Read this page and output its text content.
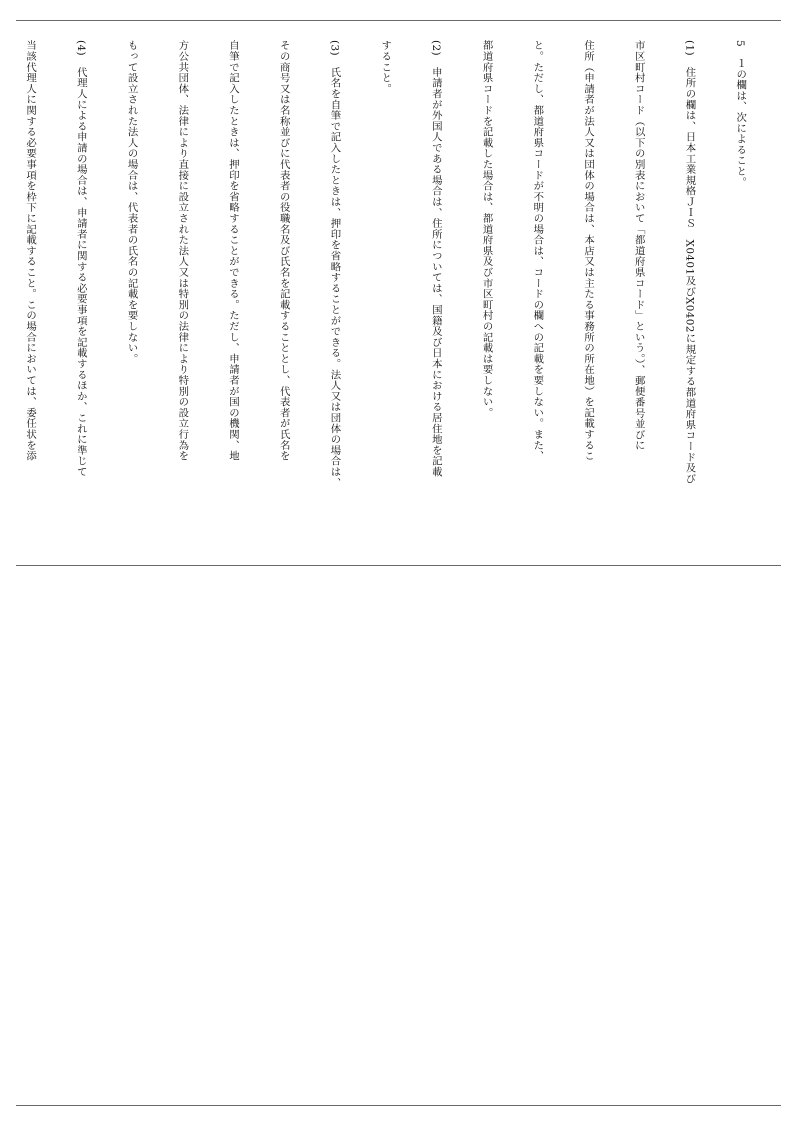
5　１の欄は、次によること。

(1)　住所の欄は、日本工業規格ＪＩＳ　X0401及びX0402に規定する都道府県コード及び

市区町村コード（以下の別表において「都道府県コード」という。）、郵便番号並びに

住所（申請者が法人又は団体の場合は、本店又は主たる事務所の所在地）を記載するこ

と。ただし、都道府県コードが不明の場合は、コードの欄への記載を要しない。また、

都道府県コードを記載した場合は、都道府県及び市区町村の記載は要しない。

(2)　申請者が外国人である場合は、住所については、国籍及び日本における居住地を記載

すること。

(3)　氏名を自筆で記入したときは、押印を省略することができる。法人又は団体の場合は、

その商号又は名称並びに代表者の役職名及び氏名を記載することとし、代表者が氏名を

自筆で記入したときは、押印を省略することができる。ただし、申請者が国の機関、地

方公共団体、法律により直接に設立された法人又は特別の法律により特別の設立行為を

もって設立された法人の場合は、代表者の氏名の記載を要しない。

(4)　代理人による申請の場合は、申請者に関する必要事項を記載するほか、これに準じて

当該代理人に関する必要事項を枠下に記載すること。この場合においては、委任状を添
